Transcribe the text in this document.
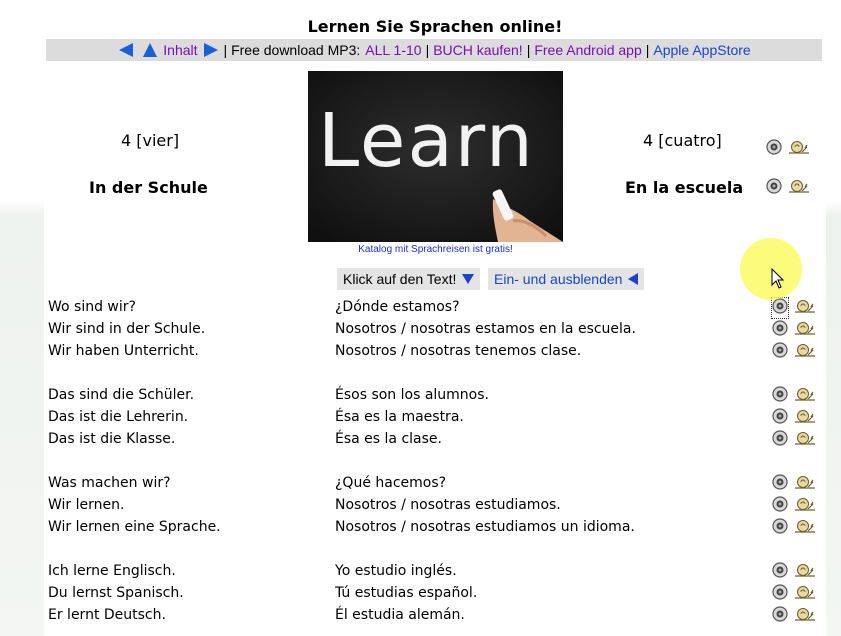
Lernen Sie Sprachen online!
Inhalt | Free download MP3: ALL 1-10 | BUCH kaufen! | Free Android app | Apple AppStore
Learn
Katalog mit Sprachreisen ist gratis!
4 [vier]	4 [cuatro]
In der Schule	En la escuela
Klick auf den Text!	Ein- und ausblenden
Wo sind wir?	¿Dónde estamos?
Wir sind in der Schule.	Nosotros / nosotras estamos en la escuela.
Wir haben Unterricht.	Nosotros / nosotras tenemos clase.
Das sind die Schüler.	Ésos son los alumnos.
Das ist die Lehrerin.	Ésa es la maestra.
Das ist die Klasse.	Ésa es la clase.
Was machen wir?	¿Qué hacemos?
Wir lernen.	Nosotros / nosotras estudiamos.
Wir lernen eine Sprache.	Nosotros / nosotras estudiamos un idioma.
Ich lerne Englisch.	Yo estudio inglés.
Du lernst Spanisch.	Tú estudias español.
Er lernt Deutsch.	Él estudia alemán.
